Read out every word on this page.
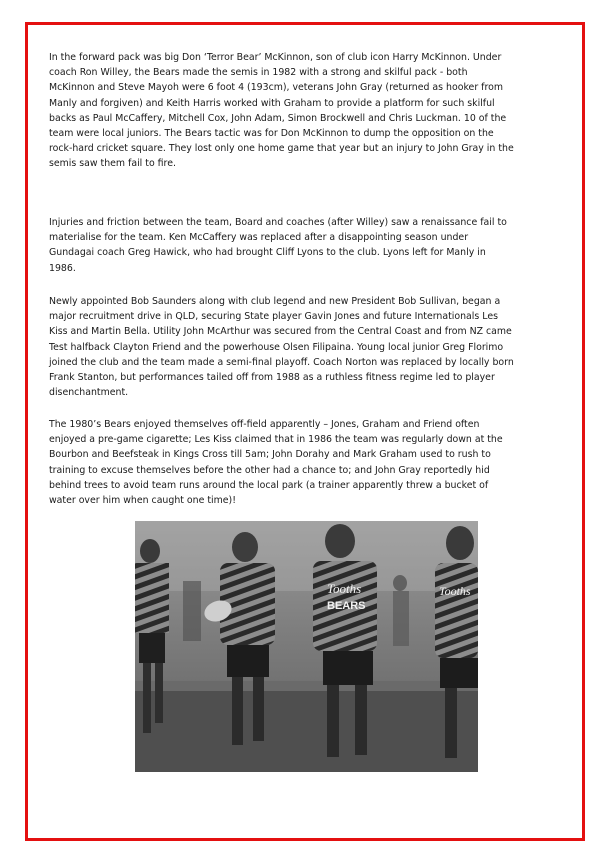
In the forward pack was big Don ‘Terror Bear’ McKinnon, son of club icon Harry McKinnon. Under coach Ron Willey, the Bears made the semis in 1982 with a strong and skilful pack - both McKinnon and Steve Mayoh were 6 foot 4 (193cm), veterans John Gray (returned as hooker from Manly and forgiven) and Keith Harris worked with Graham to provide a platform for such skilful backs as Paul McCaffery, Mitchell Cox, John Adam, Simon Brockwell and Chris Luckman. 10 of the team were local juniors. The Bears tactic was for Don McKinnon to dump the opposition on the rock-hard cricket square. They lost only one home game that year but an injury to John Gray in the semis saw them fail to fire.

Injuries and friction between the team, Board and coaches (after Willey) saw a renaissance fail to materialise for the team. Ken McCaffery was replaced after a disappointing season under Gundagai coach Greg Hawick, who had brought Cliff Lyons to the club. Lyons left for Manly in 1986.

Newly appointed Bob Saunders along with club legend and new President Bob Sullivan, began a major recruitment drive in QLD, securing State player Gavin Jones and future Internationals Les Kiss and Martin Bella. Utility John McArthur was secured from the Central Coast and from NZ came Test halfback Clayton Friend and the powerhouse Olsen Filipaina. Young local junior Greg Florimo joined the club and the team made a semi-final playoff. Coach Norton was replaced by locally born Frank Stanton, but performances tailed off from 1988 as a ruthless fitness regime led to player disenchantment.

The 1980’s Bears enjoyed themselves off-field apparently – Jones, Graham and Friend often enjoyed a pre-game cigarette; Les Kiss claimed that in 1986 the team was regularly down at the Bourbon and Beefsteak in Kings Cross till 5am; John Dorahy and Mark Graham used to rush to training to excuse themselves before the other had a chance to; and John Gray reportedly hid behind trees to avoid team runs around the local park (a trainer apparently threw a bucket of water over him when caught one time)!

Tooths
BEARS
Tooths
